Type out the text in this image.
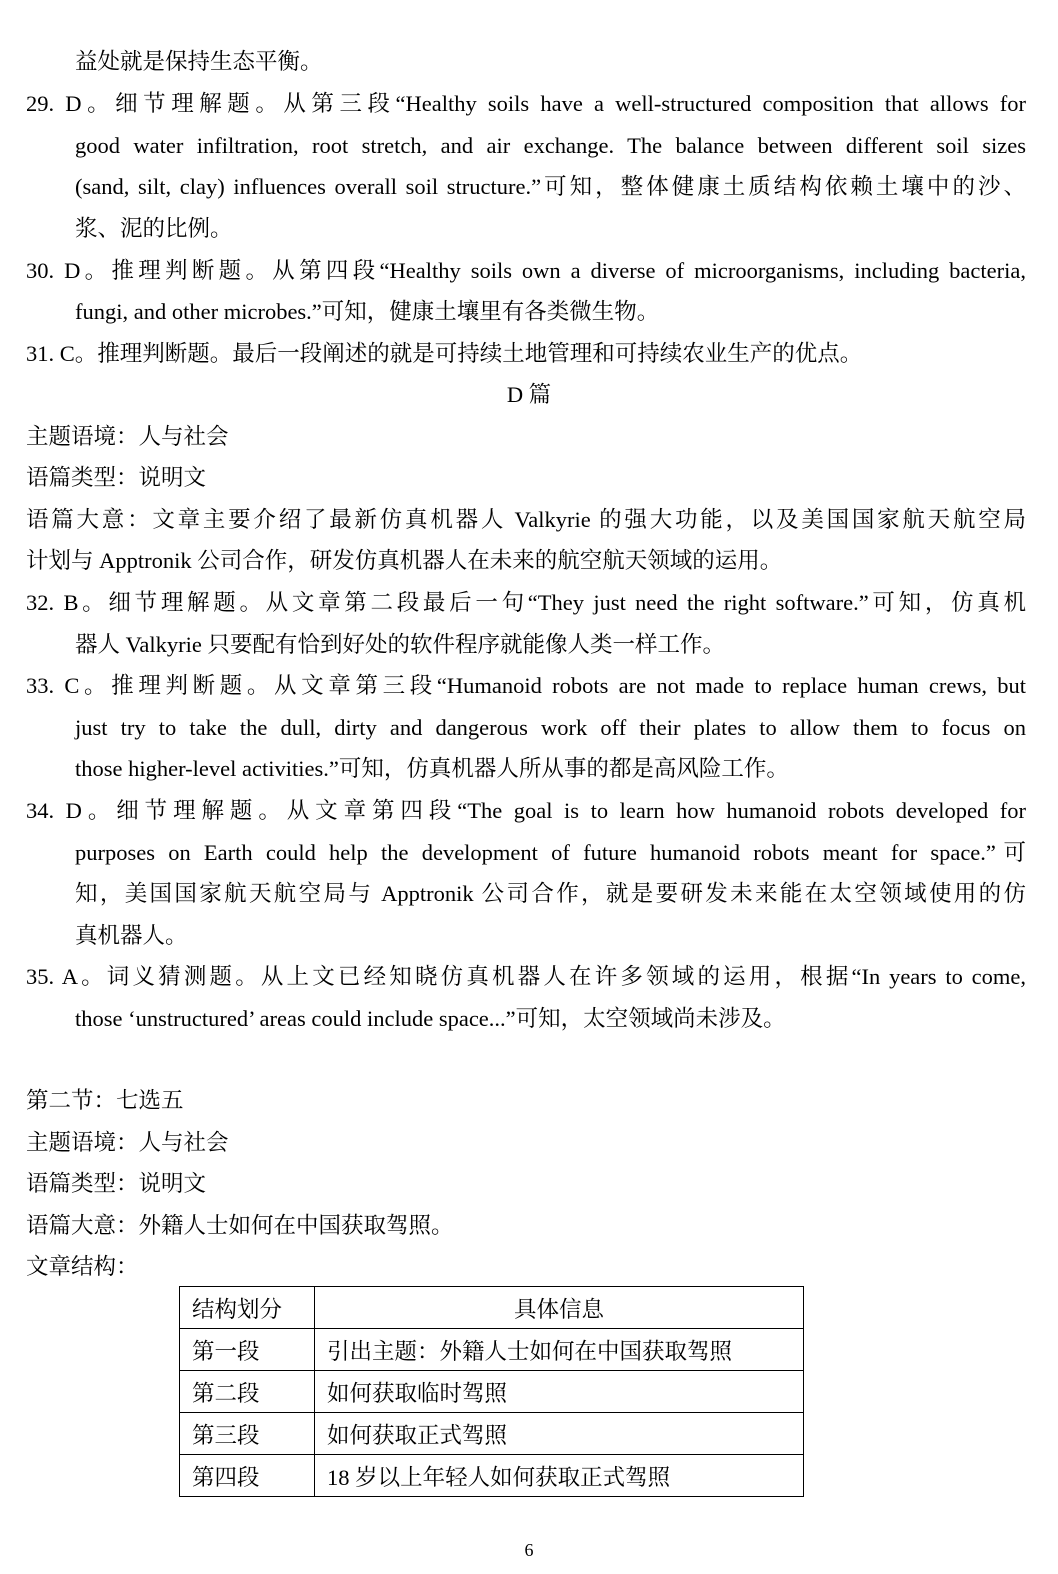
益处就是保持生态平衡。
29. D。细节理解题。从第三段“Healthy soils have a well-structured composition that allows for
good water infiltration, root stretch, and air exchange. The balance between different soil sizes
(sand, silt, clay) influences overall soil structure.”可知，整体健康土质结构依赖土壤中的沙、
浆、泥的比例。
30. D。推理判断题。从第四段“Healthy soils own a diverse of microorganisms, including bacteria,
fungi, and other microbes.”可知，健康土壤里有各类微生物。
31. C。推理判断题。最后一段阐述的就是可持续土地管理和可持续农业生产的优点。
D 篇
主题语境：人与社会
语篇类型：说明文
语篇大意：文章主要介绍了最新仿真机器人 Valkyrie 的强大功能，以及美国国家航天航空局
计划与 Apptronik 公司合作，研发仿真机器人在未来的航空航天领域的运用。
32. B。细节理解题。从文章第二段最后一句“They just need the right software.”可知，仿真机
器人 Valkyrie 只要配有恰到好处的软件程序就能像人类一样工作。
33. C。推理判断题。从文章第三段“Humanoid robots are not made to replace human crews, but
just try to take the dull, dirty and dangerous work off their plates to allow them to focus on
those higher-level activities.”可知，仿真机器人所从事的都是高风险工作。
34. D。细节理解题。从文章第四段“The goal is to learn how humanoid robots developed for
purposes on Earth could help the development of future humanoid robots meant for space.”可
知，美国国家航天航空局与 Apptronik 公司合作，就是要研发未来能在太空领域使用的仿
真机器人。
35. A。词义猜测题。从上文已经知晓仿真机器人在许多领域的运用，根据“In years to come,
those ‘unstructured’ areas could include space...”可知，太空领域尚未涉及。
第二节：七选五
主题语境：人与社会
语篇类型：说明文
语篇大意：外籍人士如何在中国获取驾照。
文章结构：
结构划分	具体信息
第一段	引出主题：外籍人士如何在中国获取驾照
第二段	如何获取临时驾照
第三段	如何获取正式驾照
第四段	18 岁以上年轻人如何获取正式驾照
6
